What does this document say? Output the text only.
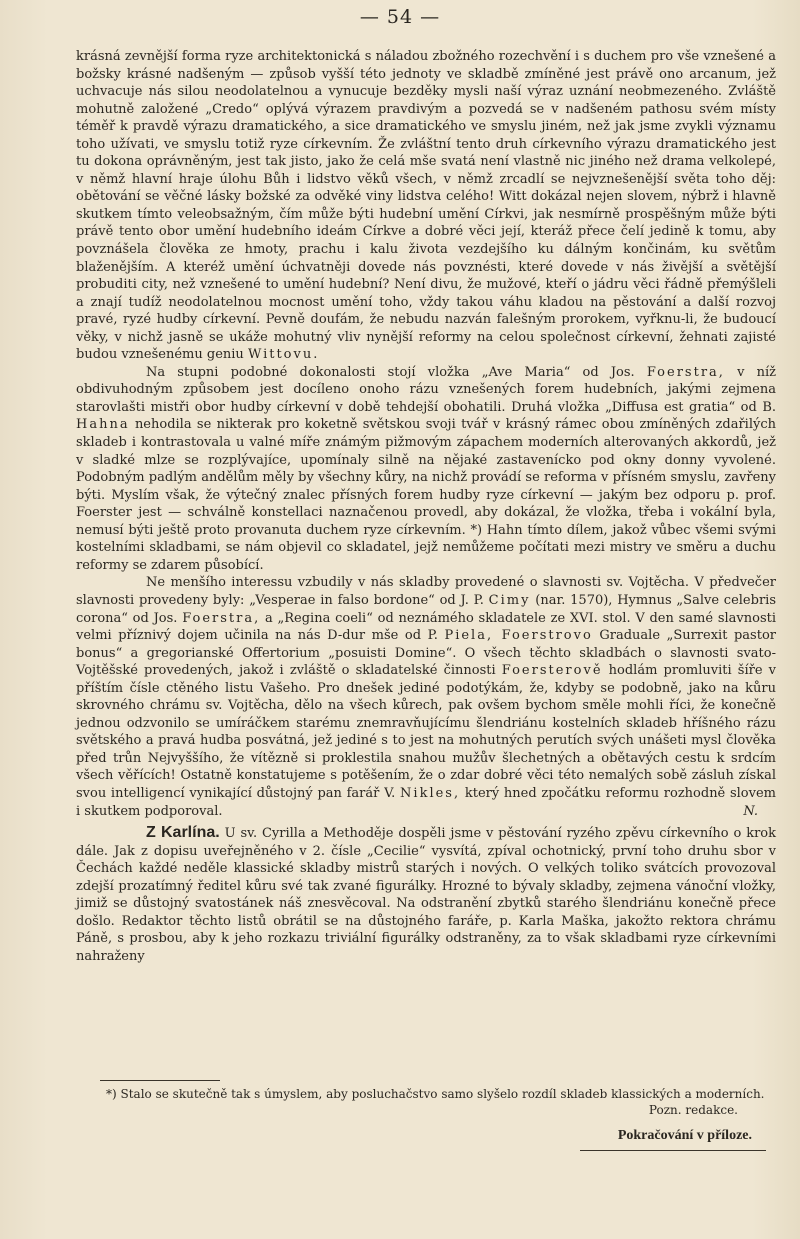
— 54 —

krásná zevnější forma ryze architektonická s náladou zbožného rozechvění i s duchem pro vše vznešené a božsky krásné nadšeným — způsob vyšší této jednoty ve skladbě zmíněné jest právě ono arcanum, jež uchvacuje nás silou neodolatelnou a vynucuje bezděky mysli naší výraz uznání neobmezeného. Zvláště mohutně založené „Credo“ oplývá výrazem pravdivým a pozvedá se v nadšeném pathosu svém místy téměř k pravdě výrazu dramatického, a sice dramatického ve smyslu jiném, než jak jsme zvykli významu toho užívati, ve smyslu totiž ryze církevním. Že zvláštní tento druh církevního výrazu dramatického jest tu dokona oprávněným, jest tak jisto, jako že celá mše svatá není vlastně nic jiného než drama velkolepé, v němž hlavní hraje úlohu Bůh i lidstvo věků všech, v němž zrcadlí se nejvznešenější světa toho děj: obětování se věčné lásky božské za odvěké viny lidstva celého! Witt dokázal nejen slovem, nýbrž i hlavně skutkem tímto veleobsažným, čím může býti hudební umění Církvi, jak nesmírně prospěšným může býti právě tento obor umění hudebního ideám Církve a dobré věci její, kteráž přece čelí jedině k tomu, aby povznášela člověka ze hmoty, prachu i kalu života vezdejšího ku dálným končinám, ku světům blaženějším. A kteréž umění úchvatněji dovede nás povznésti, které dovede v nás živější a světější probuditi city, než vznešené to umění hudební? Není divu, že mužové, kteří o jádru věci řádně přemýšleli a znají tudíž neodolatelnou mocnost umění toho, vždy takou váhu kladou na pěstování a další rozvoj pravé, ryzé hudby církevní. Pevně doufám, že nebudu nazván falešným prorokem, vyřknu-li, že budoucí věky, v nichž jasně se ukáže mohutný vliv nynější reformy na celou společnost církevní, žehnati zajisté budou vznešenému geniu Wittovu.

Na stupni podobné dokonalosti stojí vložka „Ave Maria“ od Jos. Foerstra, v níž obdivuhodným způsobem jest docíleno onoho rázu vznešených forem hudebních, jakými zejmena starovlašti mistři obor hudby církevní v době tehdejší obohatili. Druhá vložka „Diffusa est gratia“ od B. Hahna nehodila se nikterak pro koketně světskou svoji tvář v krásný rámec obou zmíněných zdařilých skladeb i kontrastovala u valné míře známým pižmovým zápachem moderních alterovaných akkordů, jež v sladké mlze se rozplývajíce, upomínaly silně na nějaké zastavenícko pod okny donny vyvolené. Podobným padlým andělům měly by všechny kůry, na nichž provádí se reforma v přísném smyslu, zavřeny býti. Myslím však, že výtečný znalec přísných forem hudby ryze církevní — jakým bez odporu p. prof. Foerster jest — schválně konstellaci naznačenou provedl, aby dokázal, že vložka, třeba i vokální byla, nemusí býti ještě proto provanuta duchem ryze církevním. *) Hahn tímto dílem, jakož vůbec všemi svými kostelními skladbami, se nám objevil co skladatel, jejž nemůžeme počítati mezi mistry ve směru a duchu reformy se zdarem působící.

Ne menšího interessu vzbudily v nás skladby provedené o slavnosti sv. Vojtěcha. V předvečer slavnosti provedeny byly: „Vesperae in falso bordone“ od J. P. Cimy (nar. 1570), Hymnus „Salve celebris corona“ od Jos. Foerstra, a „Regina coeli“ od neznámého skladatele ze XVI. stol. V den samé slavnosti velmi příznivý dojem učinila na nás D-dur mše od P. Piela, Foerstrovo Graduale „Surrexit pastor bonus“ a gregorianské Offertorium „posuisti Domine“. O všech těchto skladbách o slavnosti svato-Vojtěšské provedených, jakož i zvláště o skladatelské činnosti Foersterově hodlám promluviti šíře v příštím čísle ctěného listu Vašeho. Pro dnešek jediné podotýkám, že, kdyby se podobně, jako na kůru skrovného chrámu sv. Vojtěcha, dělo na všech kůrech, pak ovšem bychom směle mohli říci, že konečně jednou odzvonilo se umíráčkem starému znemravňujícímu šlendriánu kostelních skladeb hříšného rázu světského a pravá hudba posvátná, jež jediné s to jest na mohutných perutích svých unášeti mysl člověka před trůn Nejvyššího, že vítězně si proklestila snahou mužův šlechetných a obětavých cestu k srdcím všech věřících! Ostatně konstatujeme s potěšením, že o zdar dobré věci této nemalých sobě zásluh získal svou intelligencí vynikající důstojný pan farář V. Nikles, který hned zpočátku reformu rozhodně slovem i skutkem podporoval.	N.

Z Karlína. U sv. Cyrilla a Methoděje dospěli jsme v pěstování ryzého zpěvu církevního o krok dále. Jak z dopisu uveřejněného v 2. čísle „Cecilie“ vysvítá, zpíval ochotnický, první toho druhu sbor v Čechách každé neděle klassické skladby mistrů starých i nových. O velkých toliko svátcích provozoval zdejší prozatímný ředitel kůru své tak zvané figurálky. Hrozné to bývaly skladby, zejmena vánoční vložky, jimiž se důstojný svatostánek náš znesvěcoval. Na odstranění zbytků starého šlendriánu konečně přece došlo. Redaktor těchto listů obrátil se na důstojného faráře, p. Karla Maška, jakožto rektora chrámu Páně, s prosbou, aby k jeho rozkazu triviální figurálky odstraněny, za to však skladbami ryze církevními nahraženy

*) Stalo se skutečně tak s úmyslem, aby posluchačstvo samo slyšelo rozdíl skladeb klassických a moderních.
Pozn. redakce.
Pokračování v příloze.
